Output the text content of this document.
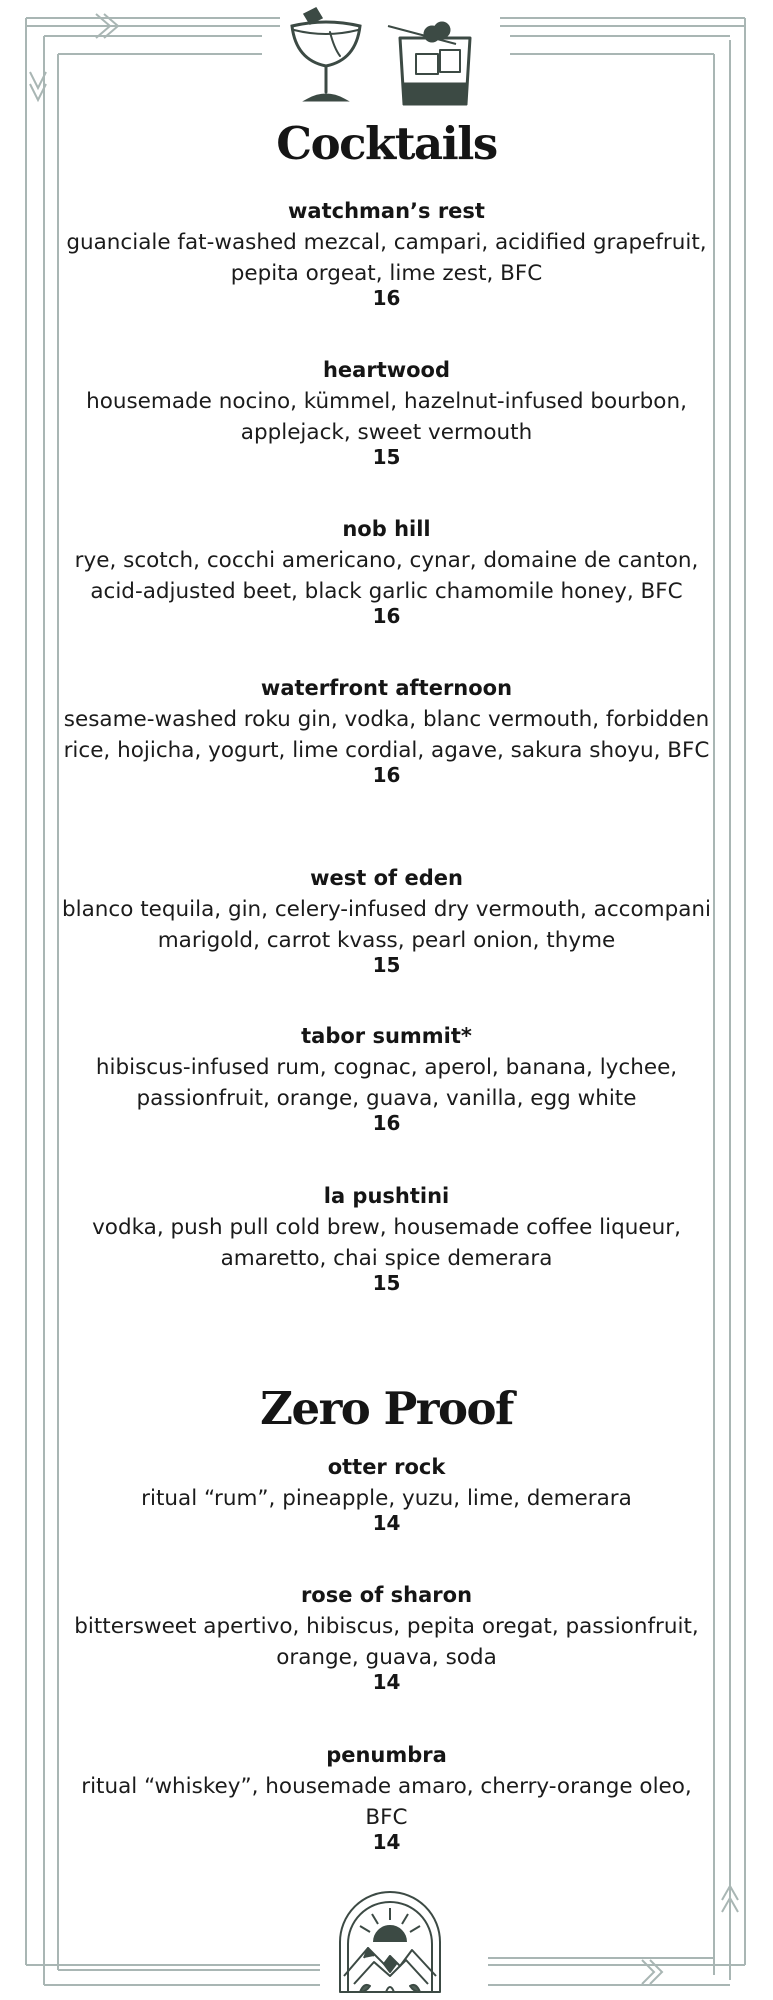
Cocktails
watchman’s rest
guanciale fat-washed mezcal, campari, acidified grapefruit, pepita orgeat, lime zest, BFC
16
heartwood
housemade nocino, kümmel, hazelnut-infused bourbon, applejack, sweet vermouth
15
nob hill
rye, scotch, cocchi americano, cynar, domaine de canton, acid-adjusted beet, black garlic chamomile honey, BFC
16
waterfront afternoon
sesame-washed roku gin, vodka, blanc vermouth, forbidden rice, hojicha, yogurt, lime cordial, agave, sakura shoyu, BFC
16
west of eden
blanco tequila, gin, celery-infused dry vermouth, accompani marigold, carrot kvass, pearl onion, thyme
15
tabor summit*
hibiscus-infused rum, cognac, aperol, banana, lychee, passionfruit, orange, guava, vanilla, egg white
16
la pushtini
vodka, push pull cold brew, housemade coffee liqueur, amaretto, chai spice demerara
15
Zero Proof
otter rock
ritual “rum”, pineapple, yuzu, lime, demerara
14
rose of sharon
bittersweet apertivo, hibiscus, pepita oregat, passionfruit, orange, guava, soda
14
penumbra
ritual “whiskey”, housemade amaro, cherry-orange oleo, BFC
14
